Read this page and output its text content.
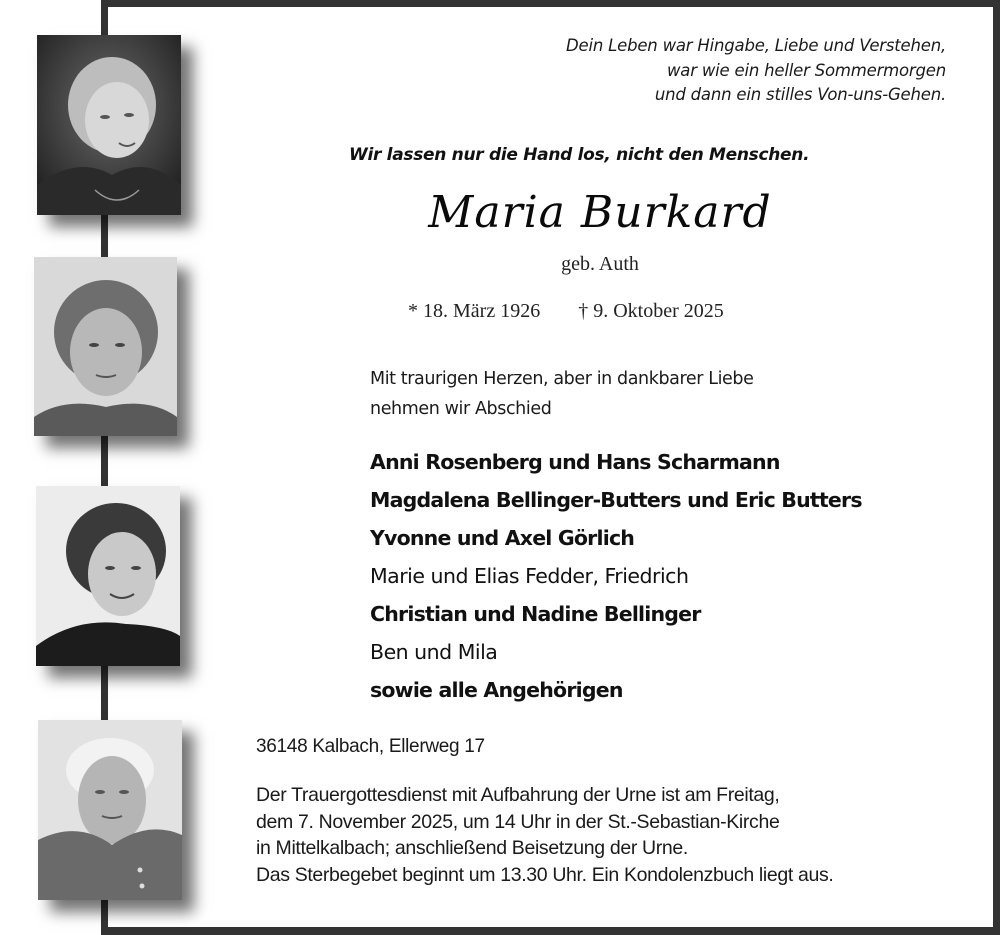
Dein Leben war Hingabe, Liebe und Verstehen,
war wie ein heller Sommermorgen
und dann ein stilles Von-uns-Gehen.
Wir lassen nur die Hand los, nicht den Menschen.
Maria Burkard
geb. Auth
* 18. März 1926 † 9. Oktober 2025
Mit traurigen Herzen, aber in dankbarer Liebe
nehmen wir Abschied
Anni Rosenberg und Hans Scharmann
Magdalena Bellinger-Butters und Eric Butters
Yvonne und Axel Görlich
Marie und Elias Fedder, Friedrich
Christian und Nadine Bellinger
Ben und Mila
sowie alle Angehörigen
36148 Kalbach, Ellerweg 17
Der Trauergottesdienst mit Aufbahrung der Urne ist am Freitag,
dem 7. November 2025, um 14 Uhr in der St.-Sebastian-Kirche
in Mittelkalbach; anschließend Beisetzung der Urne.
Das Sterbegebet beginnt um 13.30 Uhr. Ein Kondolenzbuch liegt aus.
